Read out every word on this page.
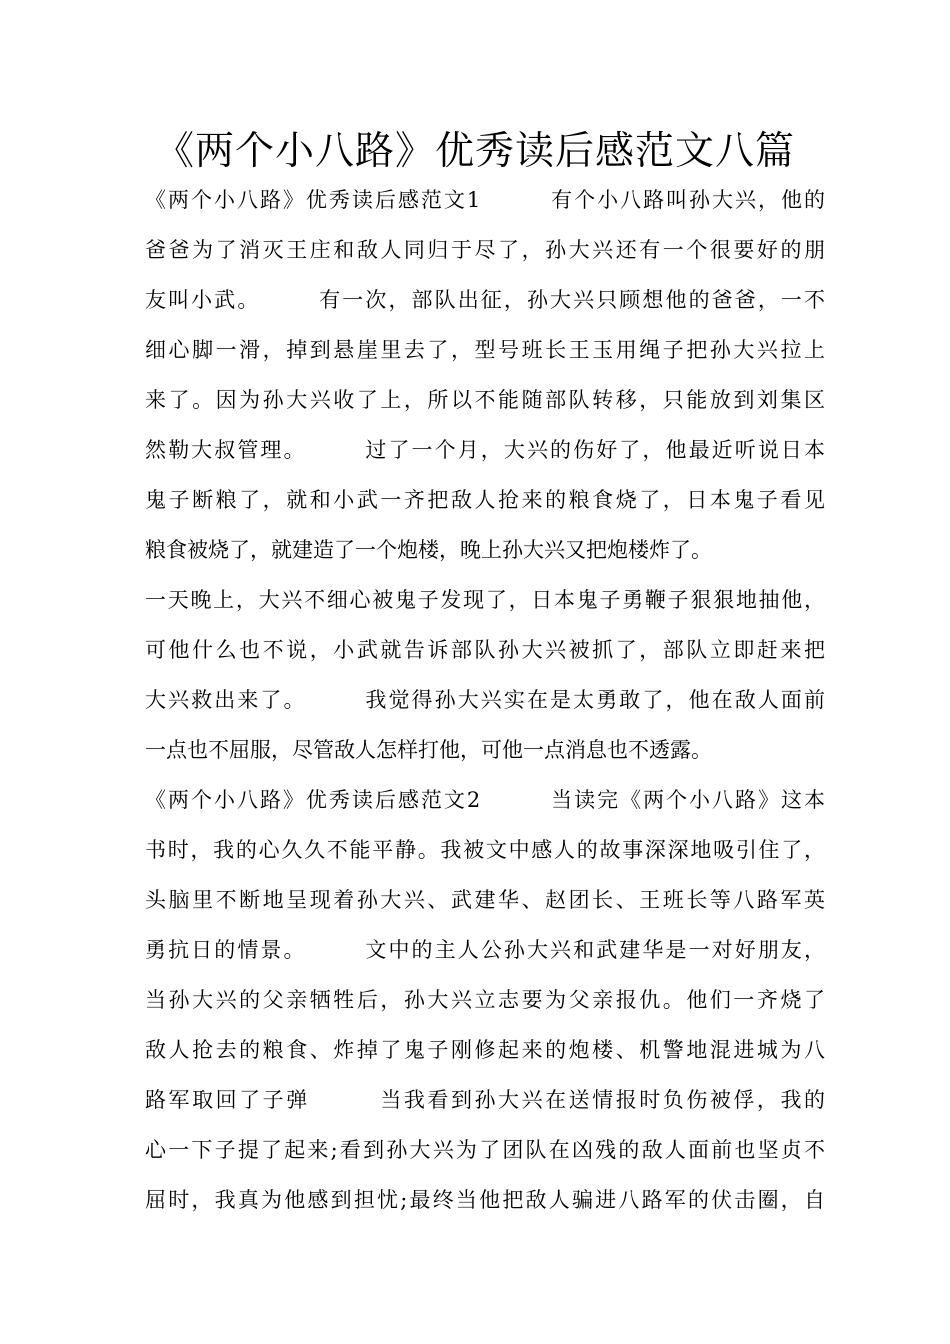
《两个小八路》优秀读后感范文八篇
《两个小八路》优秀读后感范文1　　　有个小八路叫孙大兴，他的
爸爸为了消灭王庄和敌人同归于尽了，孙大兴还有一个很要好的朋
友叫小武。　　　有一次，部队出征，孙大兴只顾想他的爸爸，一不
细心脚一滑，掉到悬崖里去了，型号班长王玉用绳子把孙大兴拉上
来了。因为孙大兴收了上，所以不能随部队转移，只能放到刘集区
然勒大叔管理。　　　过了一个月，大兴的伤好了，他最近听说日本
鬼子断粮了，就和小武一齐把敌人抢来的粮食烧了，日本鬼子看见
粮食被烧了，就建造了一个炮楼，晚上孙大兴又把炮楼炸了。
一天晚上，大兴不细心被鬼子发现了，日本鬼子勇鞭子狠狠地抽他，
可他什么也不说，小武就告诉部队孙大兴被抓了，部队立即赶来把
大兴救出来了。　　　我觉得孙大兴实在是太勇敢了，他在敌人面前
一点也不屈服，尽管敌人怎样打他，可他一点消息也不透露。
《两个小八路》优秀读后感范文2　　　当读完《两个小八路》这本
书时，我的心久久不能平静。我被文中感人的故事深深地吸引住了，
头脑里不断地呈现着孙大兴、武建华、赵团长、王班长等八路军英
勇抗日的情景。　　　文中的主人公孙大兴和武建华是一对好朋友，
当孙大兴的父亲牺牲后，孙大兴立志要为父亲报仇。他们一齐烧了
敌人抢去的粮食、炸掉了鬼子刚修起来的炮楼、机警地混进城为八
路军取回了子弹　　　当我看到孙大兴在送情报时负伤被俘，我的
心一下子提了起来;看到孙大兴为了团队在凶残的敌人面前也坚贞不
屈时，我真为他感到担忧;最终当他把敌人骗进八路军的伏击圈，自
